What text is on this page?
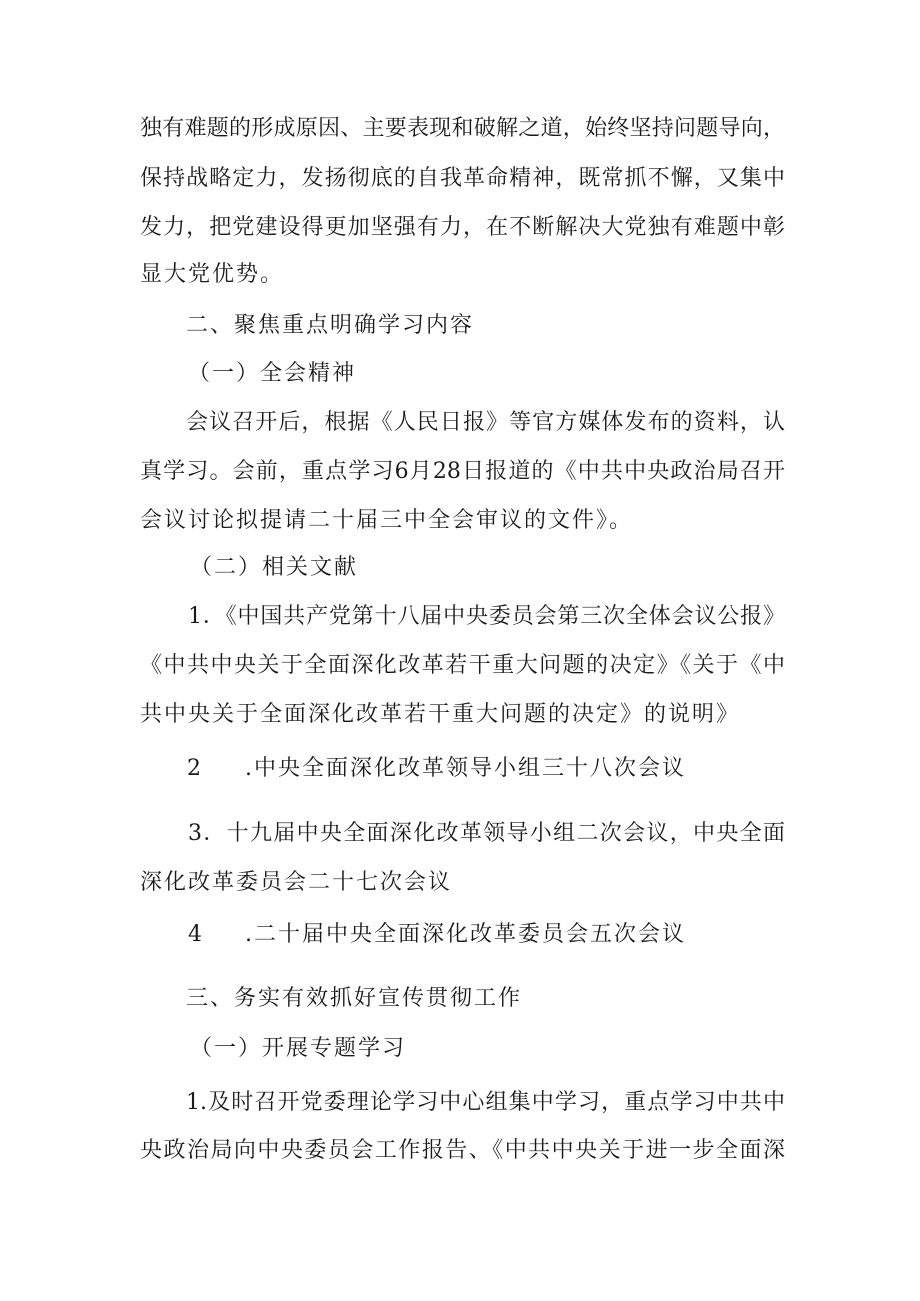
独有难题的形成原因、主要表现和破解之道，始终坚持问题导向，
保持战略定力，发扬彻底的自我革命精神，既常抓不懈，又集中
发力，把党建设得更加坚强有力，在不断解决大党独有难题中彰
显大党优势。
二、聚焦重点明确学习内容
（一）全会精神
会议召开后，根据《人民日报》等官方媒体发布的资料，认
真学习。会前，重点学习6月28日报道的《中共中央政治局召开
会议讨论拟提请二十届三中全会审议的文件》。
（二）相关文献
1．《中国共产党第十八届中央委员会第三次全体会议公报》
《中共中央关于全面深化改革若干重大问题的决定》《关于《中
共中央关于全面深化改革若干重大问题的决定》的说明》
2 .中央全面深化改革领导小组三十八次会议
3．十九届中央全面深化改革领导小组二次会议，中央全面
深化改革委员会二十七次会议
4 .二十届中央全面深化改革委员会五次会议
三、务实有效抓好宣传贯彻工作
（一）开展专题学习
1.及时召开党委理论学习中心组集中学习，重点学习中共中
央政治局向中央委员会工作报告、《中共中央关于进一步全面深
